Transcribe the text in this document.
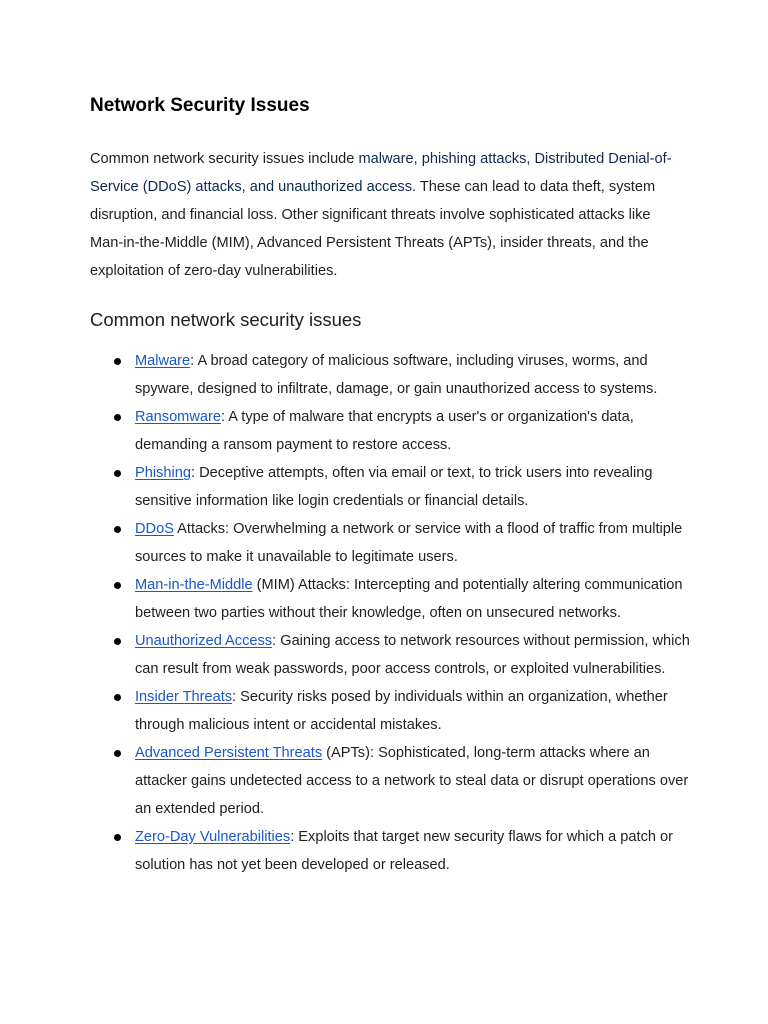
Network Security Issues

Common network security issues include malware, phishing attacks, Distributed Denial-of-Service (DDoS) attacks, and unauthorized access. These can lead to data theft, system disruption, and financial loss. Other significant threats involve sophisticated attacks like Man-in-the-Middle (MIM), Advanced Persistent Threats (APTs), insider threats, and the exploitation of zero-day vulnerabilities.

Common network security issues
Malware: A broad category of malicious software, including viruses, worms, and spyware, designed to infiltrate, damage, or gain unauthorized access to systems.
Ransomware: A type of malware that encrypts a user's or organization's data, demanding a ransom payment to restore access.
Phishing: Deceptive attempts, often via email or text, to trick users into revealing sensitive information like login credentials or financial details.
DDoS Attacks: Overwhelming a network or service with a flood of traffic from multiple sources to make it unavailable to legitimate users.
Man-in-the-Middle (MIM) Attacks: Intercepting and potentially altering communication between two parties without their knowledge, often on unsecured networks.
Unauthorized Access: Gaining access to network resources without permission, which can result from weak passwords, poor access controls, or exploited vulnerabilities.
Insider Threats: Security risks posed by individuals within an organization, whether through malicious intent or accidental mistakes.
Advanced Persistent Threats (APTs): Sophisticated, long-term attacks where an attacker gains undetected access to a network to steal data or disrupt operations over an extended period.
Zero-Day Vulnerabilities: Exploits that target new security flaws for which a patch or solution has not yet been developed or released.
